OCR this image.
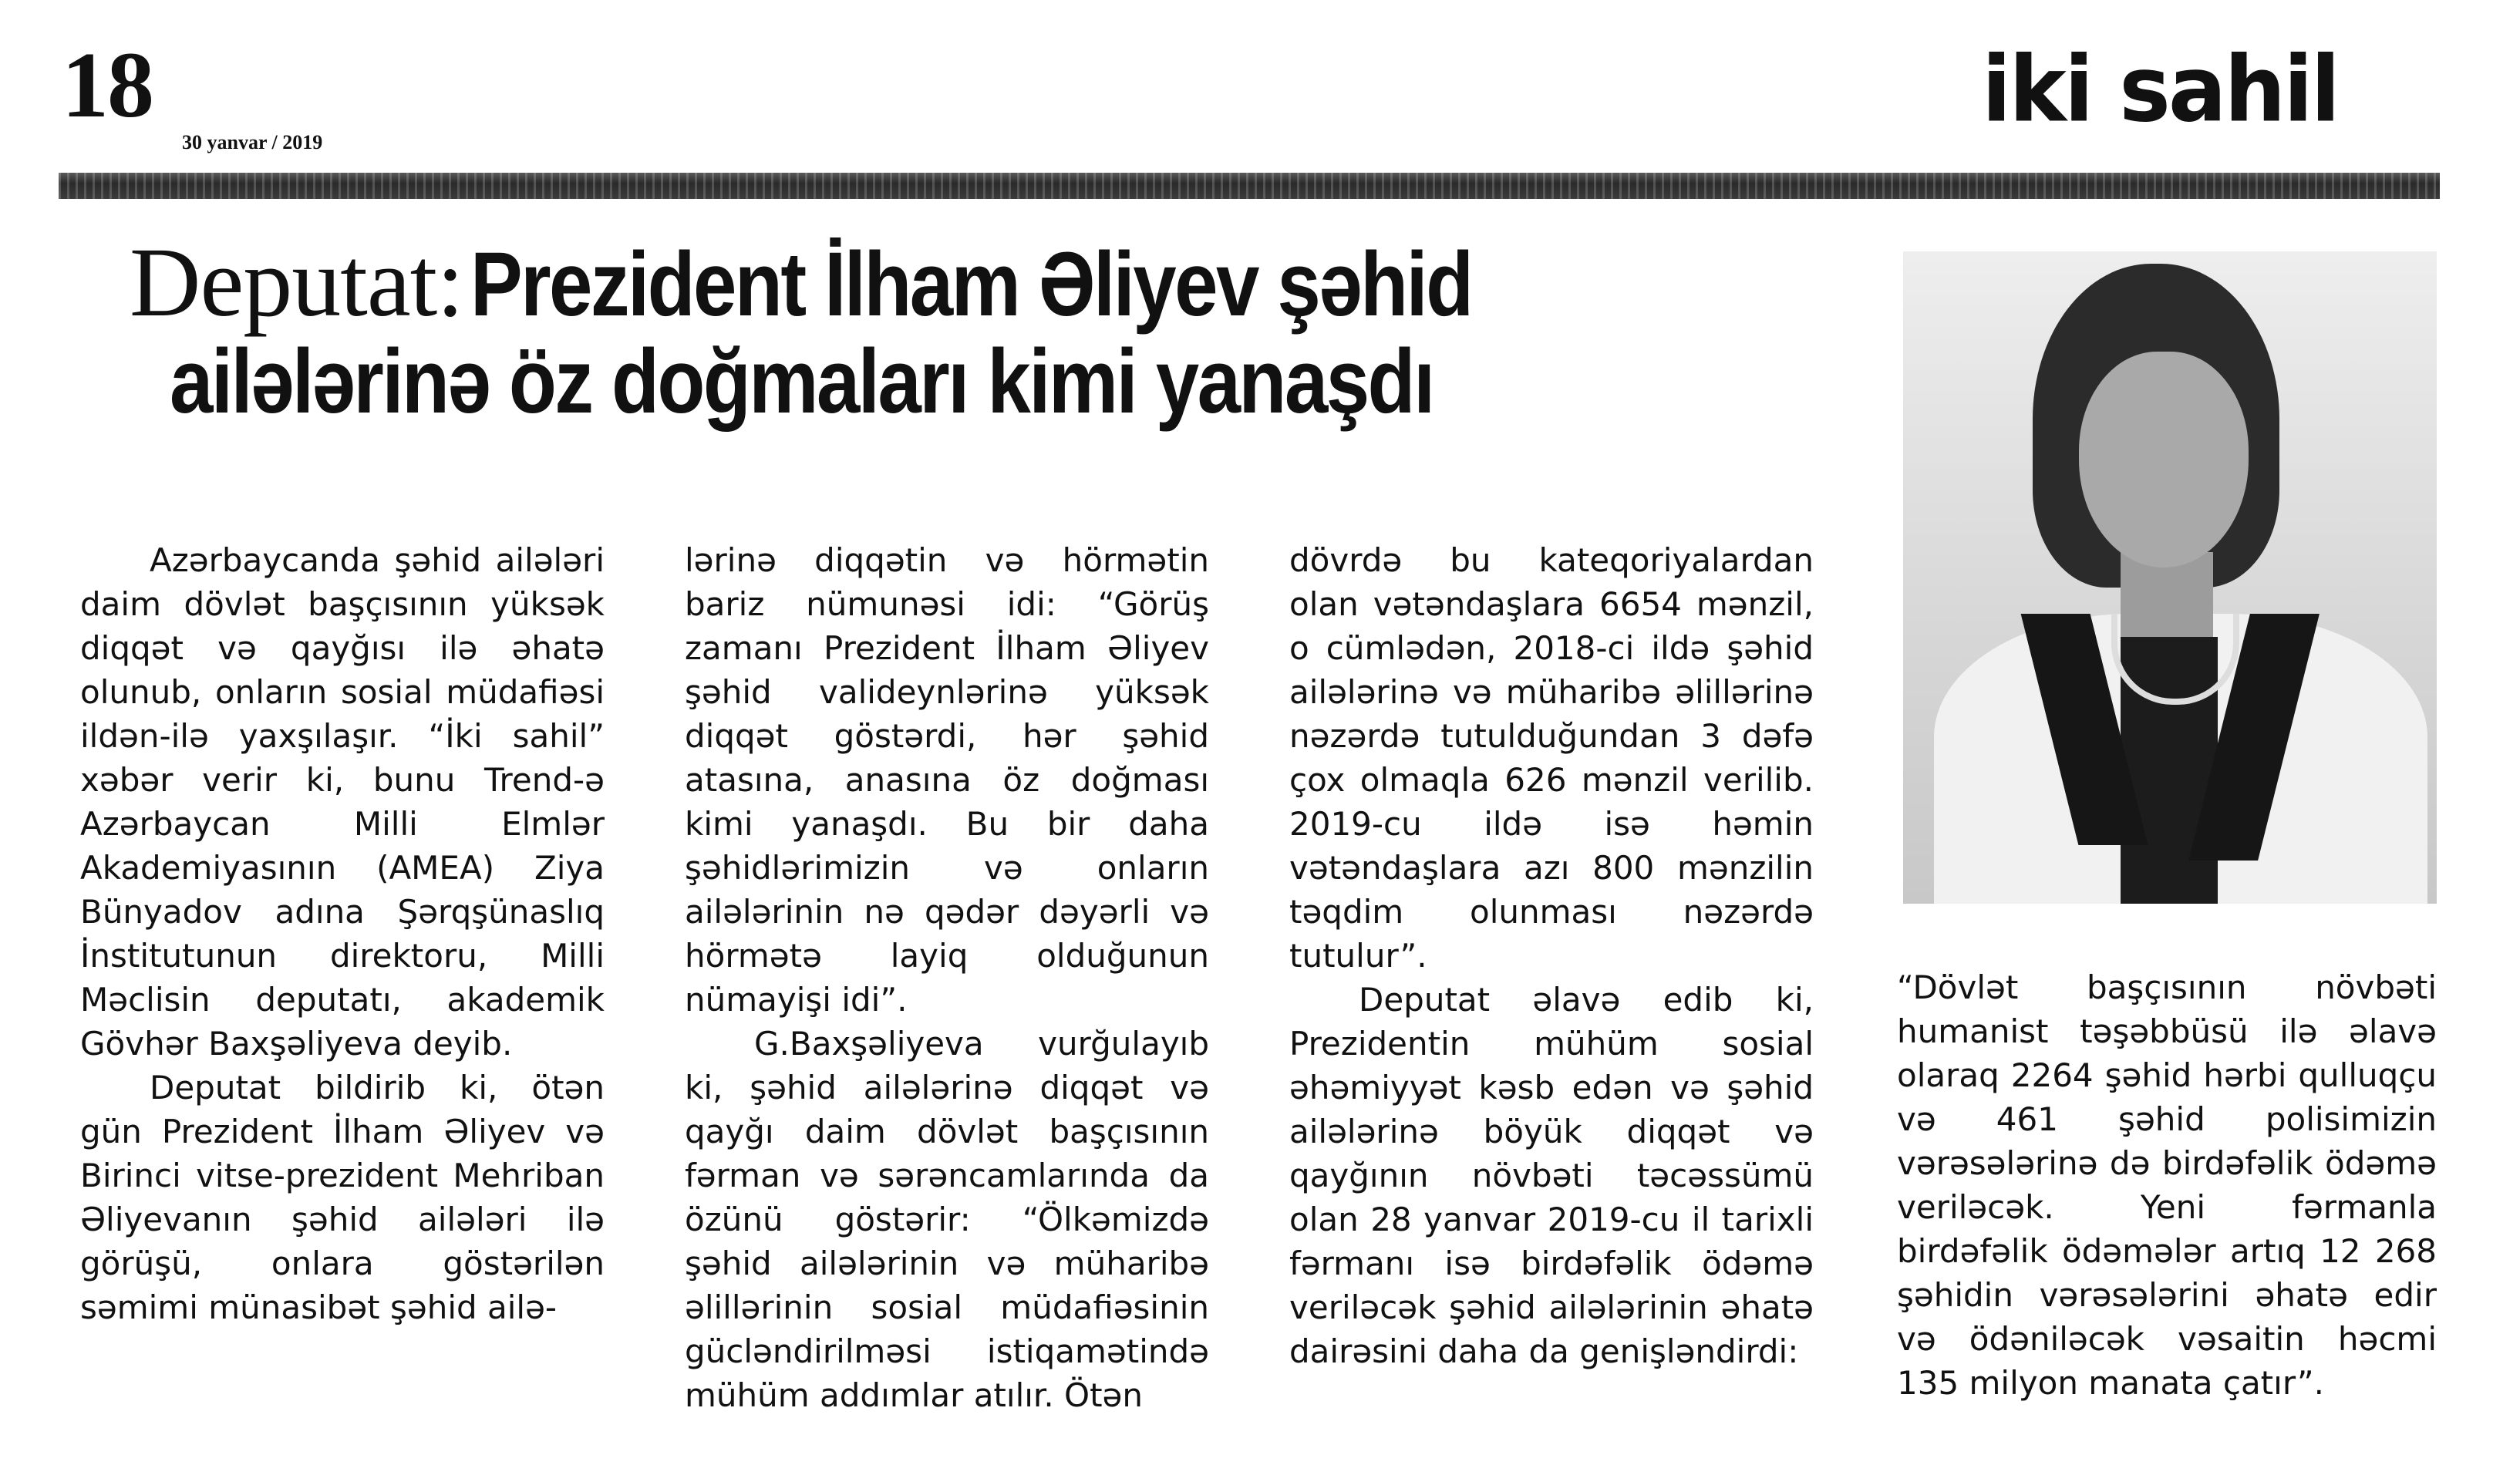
18
30 yanvar / 2019	iki sahil
Deputat: Prezident İlham Əliyev şəhid
ailələrinə öz doğmaları kimi yanaşdı

Azərbaycanda şəhid ailələri daim dövlət başçısının yüksək diqqət və qayğısı ilə əhatə olunub, onların sosial müdafiəsi ildən-ilə yaxşılaşır. “İki sahil” xəbər verir ki, bunu Trend-ə Azərbaycan Milli Elmlər Akademiyasının (AMEA) Ziya Bünyadov adına Şərqşünaslıq İnstitutunun direktoru, Milli Məclisin deputatı, akademik Gövhər Baxşəliyeva deyib.

Deputat bildirib ki, ötən gün Prezident İlham Əliyev və Birinci vitse-prezident Mehriban Əliyevanın şəhid ailələri ilə görüşü, onlara göstərilən səmimi münasibət şəhid ailə-

lərinə diqqətin və hörmətin bariz nümunəsi idi: “Görüş zamanı Prezident İlham Əliyev şəhid valideynlərinə yüksək diqqət göstərdi, hər şəhid atasına, anasına öz doğması kimi yanaşdı. Bu bir daha şəhidlərimizin və onların ailələrinin nə qədər dəyərli və hörmətə layiq olduğunun nümayişi idi”.

G.Baxşəliyeva vurğulayıb ki, şəhid ailələrinə diqqət və qayğı daim dövlət başçısının fərman və sərəncamlarında da özünü göstərir: “Ölkəmizdə şəhid ailələrinin və müharibə əlillərinin sosial müdafiəsinin gücləndirilməsi istiqamətində mühüm addımlar atılır. Ötən

dövrdə bu kateqoriyalardan olan vətəndaşlara 6654 mənzil, o cümlədən, 2018-ci ildə şəhid ailələrinə və müharibə əlillərinə nəzərdə tutulduğundan 3 dəfə çox olmaqla 626 mənzil verilib. 2019-cu ildə isə həmin vətəndaşlara azı 800 mənzilin təqdim olunması nəzərdə tutulur”.

Deputat əlavə edib ki, Prezidentin mühüm sosial əhəmiyyət kəsb edən və şəhid ailələrinə böyük diqqət və qayğının növbəti təcəssümü olan 28 yanvar 2019-cu il tarixli fərmanı isə birdəfəlik ödəmə veriləcək şəhid ailələrinin əhatə dairəsini daha da genişləndirdi:

“Dövlət başçısının növbəti humanist təşəbbüsü ilə əlavə olaraq 2264 şəhid hərbi qulluqçu və 461 şəhid polisimizin vərəsələrinə də birdəfəlik ödəmə veriləcək. Yeni fərmanla birdəfəlik ödəmələr artıq 12 268 şəhidin vərəsələrini əhatə edir və ödəniləcək vəsaitin həcmi 135 milyon manata çatır”.
